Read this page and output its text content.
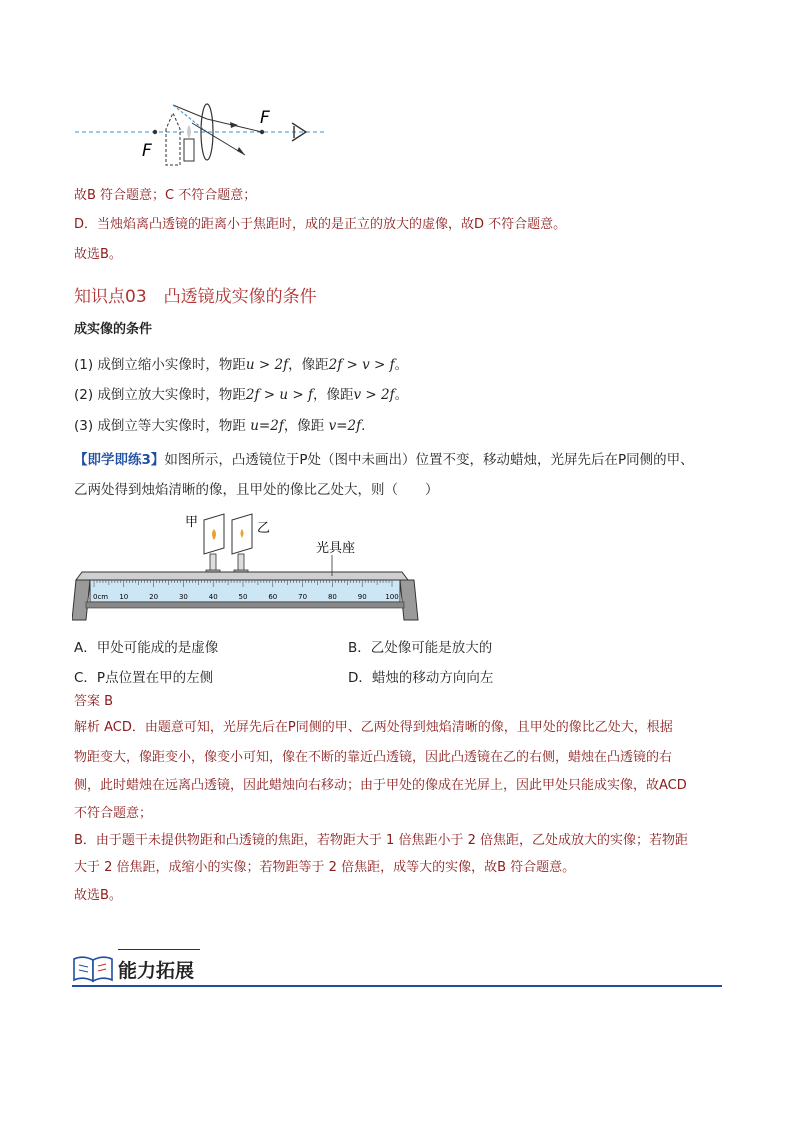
F
F
故B 符合题意；C 不符合题意；
D．当烛焰离凸透镜的距离小于焦距时，成的是正立的放大的虚像，故D 不符合题意。
故选B。
知识点03　凸透镜成实像的条件
成实像的条件
(1) 成倒立缩小实像时，物距u > 2f，像距2f > v > f。
(2) 成倒立放大实像时，物距2f > u > f，像距v > 2f。
(3) 成倒立等大实像时，物距 u=2f，像距 v=2f.
【即学即练3】如图所示，凸透镜位于P处（图中未画出）位置不变，移动蜡烛，光屏先后在P同侧的甲、
乙两处得到烛焰清晰的像，且甲处的像比乙处大，则（　　）
0cm 10	20	30	40	50	60	70	80	90	100
甲	乙
光具座
A．甲处可能成的是虚像	B．乙处像可能是放大的
C．P点位置在甲的左侧	D．蜡烛的移动方向向左
答案 B
解析 ACD．由题意可知，光屏先后在P同侧的甲、乙两处得到烛焰清晰的像，且甲处的像比乙处大，根据
物距变大，像距变小，像变小可知，像在不断的靠近凸透镜，因此凸透镜在乙的右侧，蜡烛在凸透镜的右
侧，此时蜡烛在远离凸透镜，因此蜡烛向右移动；由于甲处的像成在光屏上，因此甲处只能成实像，故ACD
不符合题意；
B．由于题干未提供物距和凸透镜的焦距，若物距大于 1 倍焦距小于 2 倍焦距，乙处成放大的实像；若物距
大于 2 倍焦距，成缩小的实像；若物距等于 2 倍焦距，成等大的实像，故B 符合题意。
故选B。
能力拓展
